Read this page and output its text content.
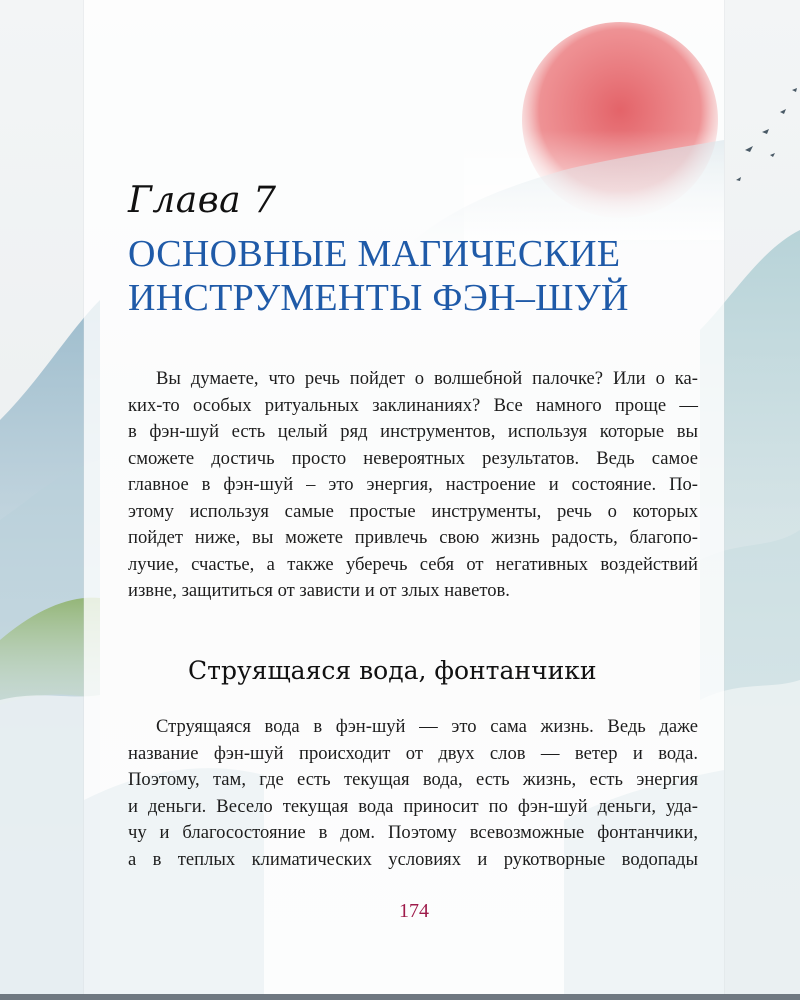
Глава 7
ОСНОВНЫЕ МАГИЧЕСКИЕ
ИНСТРУМЕНТЫ ФЭН–ШУЙ

Вы думаете, что речь пойдет о волшебной палочке? Или о ка-
ких-то особых ритуальных заклинаниях? Все намного проще —
в фэн-шуй есть целый ряд инструментов, используя которые вы
сможете достичь просто невероятных результатов. Ведь самое
главное в фэн-шуй – это энергия, настроение и состояние. По-
этому используя самые простые инструменты, речь о которых
пойдет ниже, вы можете привлечь свою жизнь радость, благопо-
лучие, счастье, а также уберечь себя от негативных воздействий
извне, защититься от зависти и от злых наветов.

Струящаяся вода, фонтанчики

Струящаяся вода в фэн-шуй — это сама жизнь. Ведь даже
название фэн-шуй происходит от двух слов — ветер и вода.
Поэтому, там, где есть текущая вода, есть жизнь, есть энергия
и деньги. Весело текущая вода приносит по фэн-шуй деньги, уда-
чу и благосостояние в дом. Поэтому всевозможные фонтанчики,
а в теплых климатических условиях и рукотворные водопады

174
